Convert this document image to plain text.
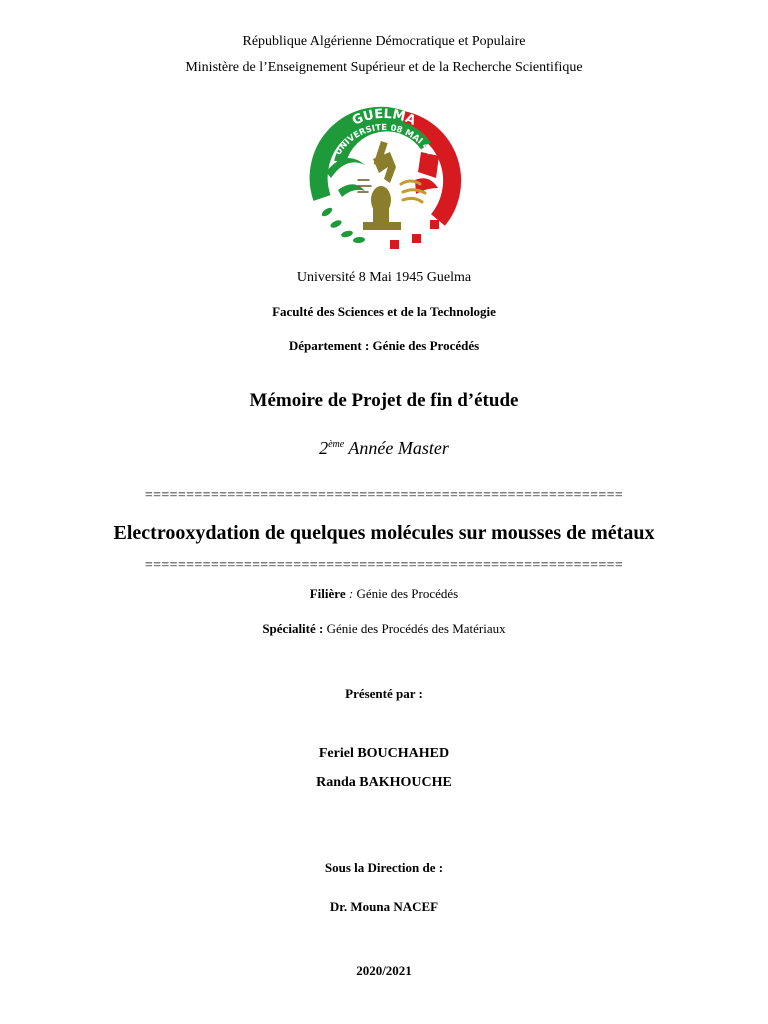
République Algérienne Démocratique et Populaire
Ministère de l’Enseignement Supérieur et de la Recherche Scientifique
GUELMA
UNIVERSITE 08 MAI 45
Université 8 Mai 1945 Guelma
Faculté des Sciences et de la Technologie
Département : Génie des Procédés
Mémoire de Projet de fin d’étude
2ème Année Master
==========================================================
Electrooxydation de quelques molécules sur mousses de métaux
==========================================================
Filière : Génie des Procédés
Spécialité : Génie des Procédés des Matériaux
Présenté par :
Feriel BOUCHAHED
Randa BAKHOUCHE
Sous la Direction de :
Dr. Mouna NACEF
2020/2021
